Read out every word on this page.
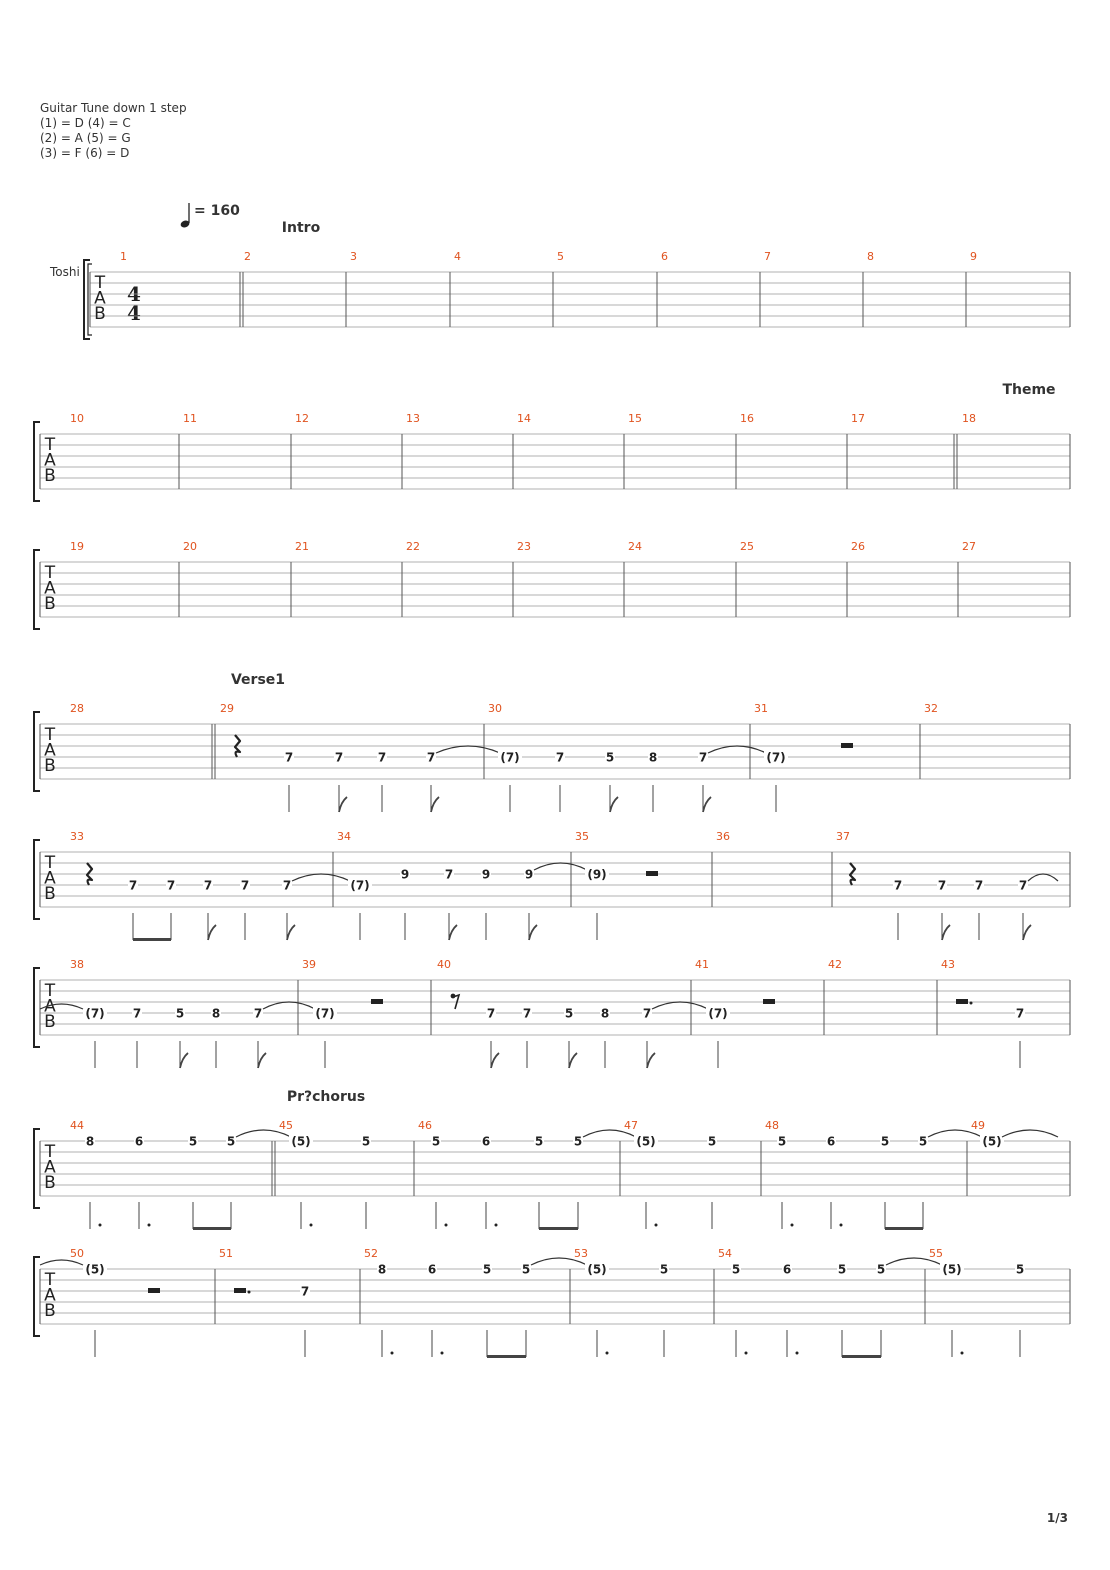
Guitar Tune down 1 step
(1) = D (4) = C
(2) = A (5) = G
(3) = F (6) = D
= 160
Toshi
4
4
Intro
T
A
B
1	2	3	4	5	6	7	8	9
Theme
T
A
B
10	11	12	13	14	15	16	17	18
T
A
B
19	20	21	22	23	24	25	26	27
Verse1
T
A
B
28	29
7	7	7	7
30
(7)	7	5	8	7
31
(7)
32
T
A
B
33
7 7 7 7	7
34
(7)
9	7 9	9
35
(9)
36	37
7	7 7	7
T
A
B
38
(7) 7	5 8	7
39
(7)
40
7 7	5 8	7
41
(7)
42	43
7
Pr?chorus
T
A
B
44
8	6	5 5
45
(5)	5
46
5	6	5	5
47
(5)	5
48
5	6	5 5
49
(5)
T
A
B
50
(5)
51
7
52
8	6	5	5
53
(5)	5
54
5	6	5	5
55
(5)	5
1/3
